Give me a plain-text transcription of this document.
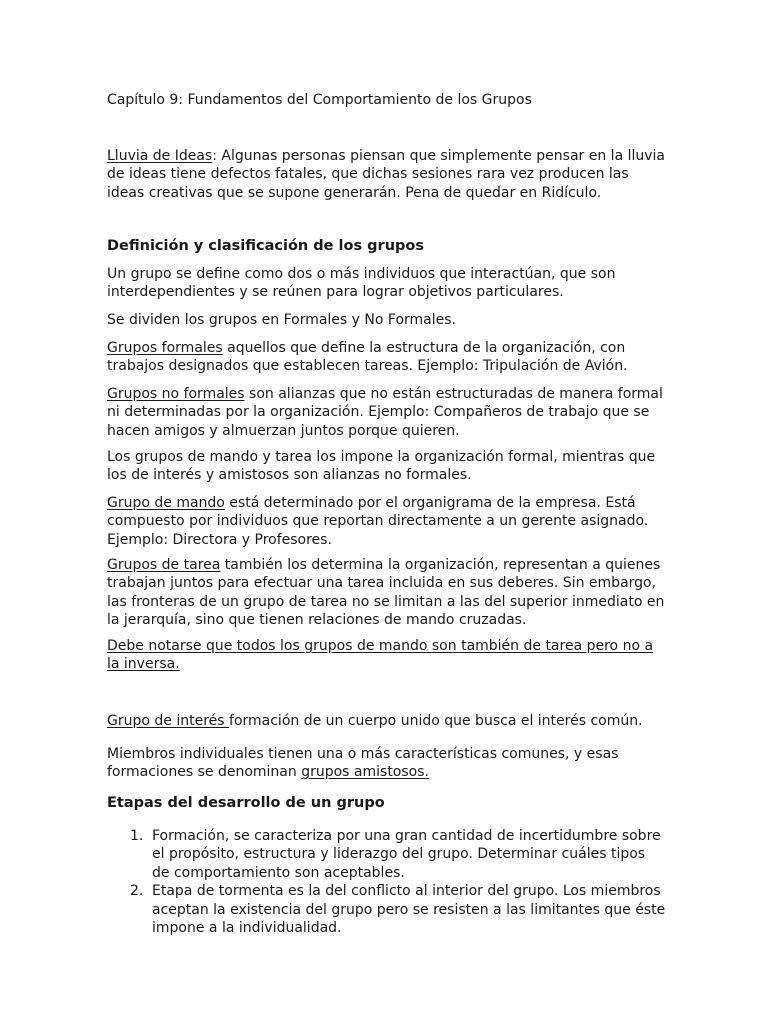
Capítulo 9: Fundamentos del Comportamiento de los Grupos

Lluvia de Ideas: Algunas personas piensan que simplemente pensar en la lluvia de ideas tiene defectos fatales, que dichas sesiones rara vez producen las ideas creativas que se supone generarán. Pena de quedar en Ridículo.

Definición y clasificación de los grupos

Un grupo se define como dos o más individuos que interactúan, que son interdependientes y se reúnen para lograr objetivos particulares.

Se dividen los grupos en Formales y No Formales.

Grupos formales aquellos que define la estructura de la organización, con trabajos designados que establecen tareas. Ejemplo: Tripulación de Avión.

Grupos no formales son alianzas que no están estructuradas de manera formal ni determinadas por la organización. Ejemplo: Compañeros de trabajo que se hacen amigos y almuerzan juntos porque quieren.

Los grupos de mando y tarea los impone la organización formal, mientras que los de interés y amistosos son alianzas no formales.

Grupo de mando está determinado por el organigrama de la empresa. Está compuesto por individuos que reportan directamente a un gerente asignado. Ejemplo: Directora y Profesores.

Grupos de tarea también los determina la organización, representan a quienes trabajan juntos para efectuar una tarea incluida en sus deberes. Sin embargo, las fronteras de un grupo de tarea no se limitan a las del superior inmediato en la jerarquía, sino que tienen relaciones de mando cruzadas.

Debe notarse que todos los grupos de mando son también de tarea pero no a la inversa.

Grupo de interés formación de un cuerpo unido que busca el interés común.

Miembros individuales tienen una o más características comunes, y esas formaciones se denominan grupos amistosos.

Etapas del desarrollo de un grupo

1. Formación, se caracteriza por una gran cantidad de incertidumbre sobre el propósito, estructura y liderazgo del grupo. Determinar cuáles tipos de comportamiento son aceptables.
2. Etapa de tormenta es la del conflicto al interior del grupo. Los miembros aceptan la existencia del grupo pero se resisten a las limitantes que éste impone a la individualidad.
